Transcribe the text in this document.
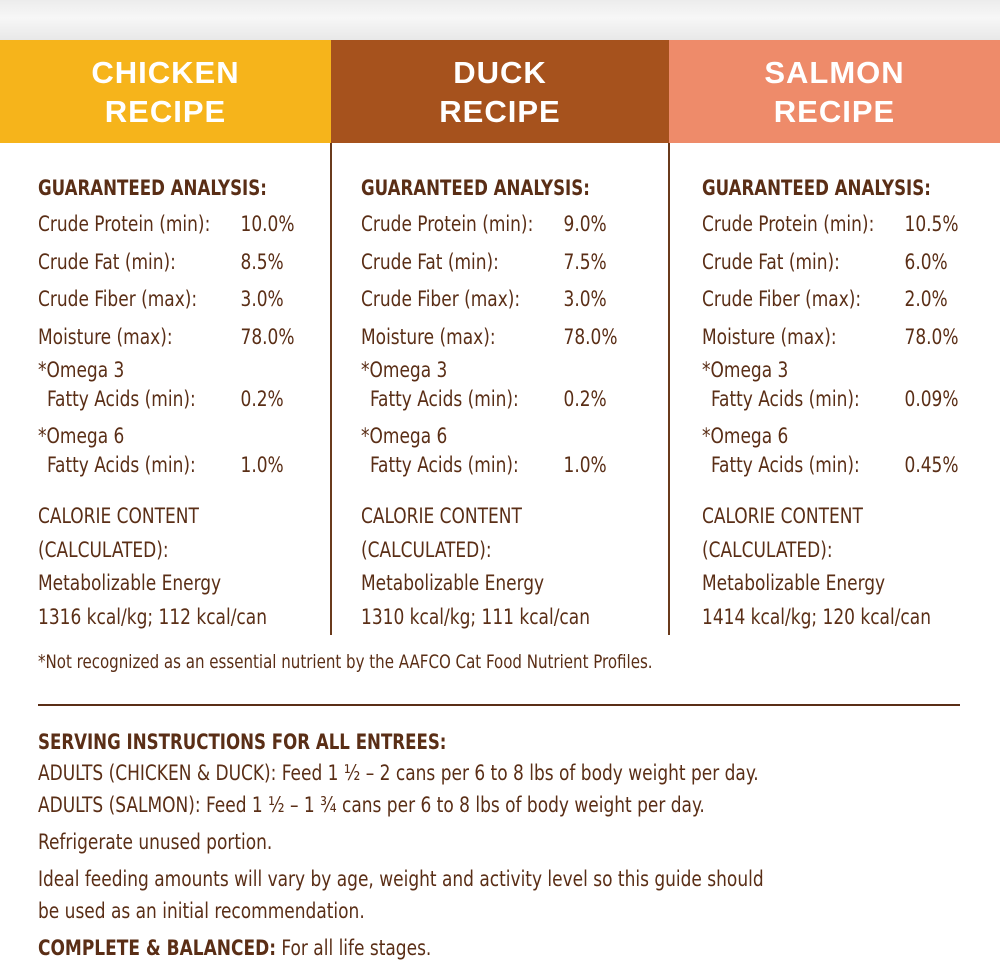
CHICKEN
RECIPE
DUCK
RECIPE
SALMON
RECIPE
GUARANTEED ANALYSIS:
Crude Protein (min):	10.0%
Crude Fat (min):	8.5%
Crude Fiber (max):	3.0%
Moisture (max):	78.0%
*Omega 3
Fatty Acids (min):	0.2%
*Omega 6
Fatty Acids (min):	1.0%
CALORIE CONTENT
(CALCULATED):
Metabolizable Energy
1316 kcal/kg; 112 kcal/can
GUARANTEED ANALYSIS:
Crude Protein (min):	9.0%
Crude Fat (min):	7.5%
Crude Fiber (max):	3.0%
Moisture (max):	78.0%
*Omega 3
Fatty Acids (min):	0.2%
*Omega 6
Fatty Acids (min):	1.0%
CALORIE CONTENT
(CALCULATED):
Metabolizable Energy
1310 kcal/kg; 111 kcal/can
GUARANTEED ANALYSIS:
Crude Protein (min):	10.5%
Crude Fat (min):	6.0%
Crude Fiber (max):	2.0%
Moisture (max):	78.0%
*Omega 3
Fatty Acids (min):	0.09%
*Omega 6
Fatty Acids (min):	0.45%
CALORIE CONTENT
(CALCULATED):
Metabolizable Energy
1414 kcal/kg; 120 kcal/can
*Not recognized as an essential nutrient by the AAFCO Cat Food Nutrient Profiles.
SERVING INSTRUCTIONS FOR ALL ENTREES:
ADULTS (CHICKEN & DUCK): Feed 1 ½ – 2 cans per 6 to 8 lbs of body weight per day.
ADULTS (SALMON): Feed 1 ½ – 1 ¾ cans per 6 to 8 lbs of body weight per day.
Refrigerate unused portion.
Ideal feeding amounts will vary by age, weight and activity level so this guide should
be used as an initial recommendation.
COMPLETE & BALANCED: For all life stages.
